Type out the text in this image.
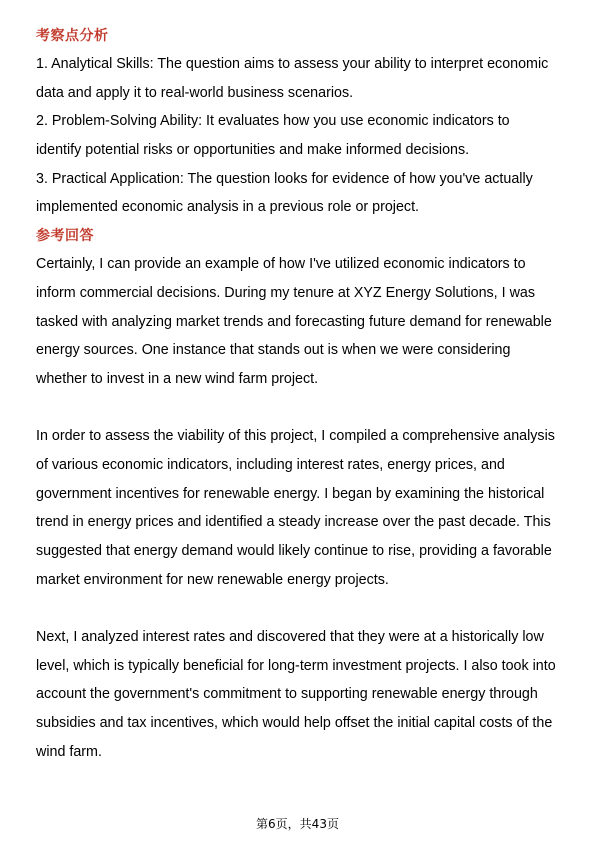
考察点分析
1. Analytical Skills: The question aims to assess your ability to interpret economic
data and apply it to real-world business scenarios.
2. Problem-Solving Ability: It evaluates how you use economic indicators to
identify potential risks or opportunities and make informed decisions.
3. Practical Application: The question looks for evidence of how you've actually
implemented economic analysis in a previous role or project.
参考回答
Certainly, I can provide an example of how I've utilized economic indicators to
inform commercial decisions. During my tenure at XYZ Energy Solutions, I was
tasked with analyzing market trends and forecasting future demand for renewable
energy sources. One instance that stands out is when we were considering
whether to invest in a new wind farm project.
In order to assess the viability of this project, I compiled a comprehensive analysis
of various economic indicators, including interest rates, energy prices, and
government incentives for renewable energy. I began by examining the historical
trend in energy prices and identified a steady increase over the past decade. This
suggested that energy demand would likely continue to rise, providing a favorable
market environment for new renewable energy projects.
Next, I analyzed interest rates and discovered that they were at a historically low
level, which is typically beneficial for long-term investment projects. I also took into
account the government's commitment to supporting renewable energy through
subsidies and tax incentives, which would help offset the initial capital costs of the
wind farm.
第6页，共43页
